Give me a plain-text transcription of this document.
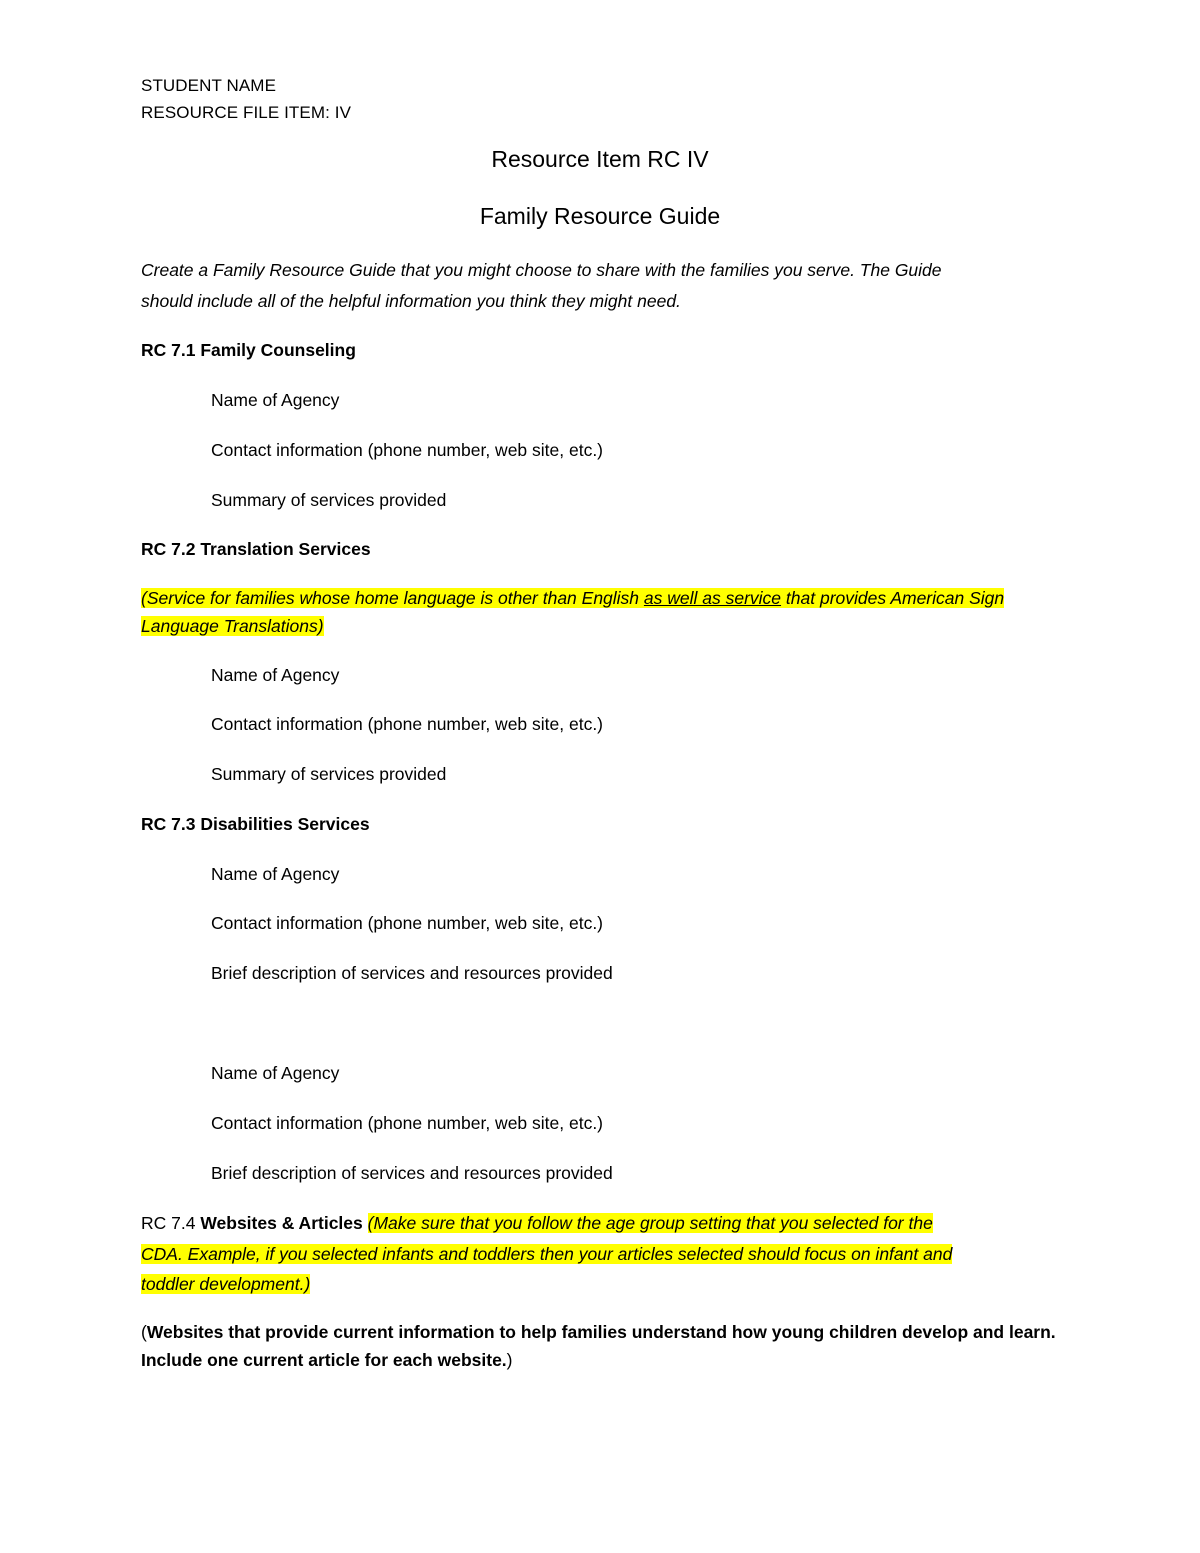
STUDENT NAME
RESOURCE FILE ITEM: IV
Resource Item RC IV
Family Resource Guide
Create a Family Resource Guide that you might choose to share with the families you serve. The Guide
should include all of the helpful information you think they might need.
RC 7.1 Family Counseling
Name of Agency
Contact information (phone number, web site, etc.)
Summary of services provided
RC 7.2 Translation Services
(Service for families whose home language is other than English as well as service that provides American Sign
Language Translations)
Name of Agency
Contact information (phone number, web site, etc.)
Summary of services provided
RC 7.3 Disabilities Services
Name of Agency
Contact information (phone number, web site, etc.)
Brief description of services and resources provided
Name of Agency
Contact information (phone number, web site, etc.)
Brief description of services and resources provided
RC 7.4 Websites & Articles (Make sure that you follow the age group setting that you selected for the
CDA. Example, if you selected infants and toddlers then your articles selected should focus on infant and
toddler development.)
(Websites that provide current information to help families understand how young children develop and learn.
Include one current article for each website.)
